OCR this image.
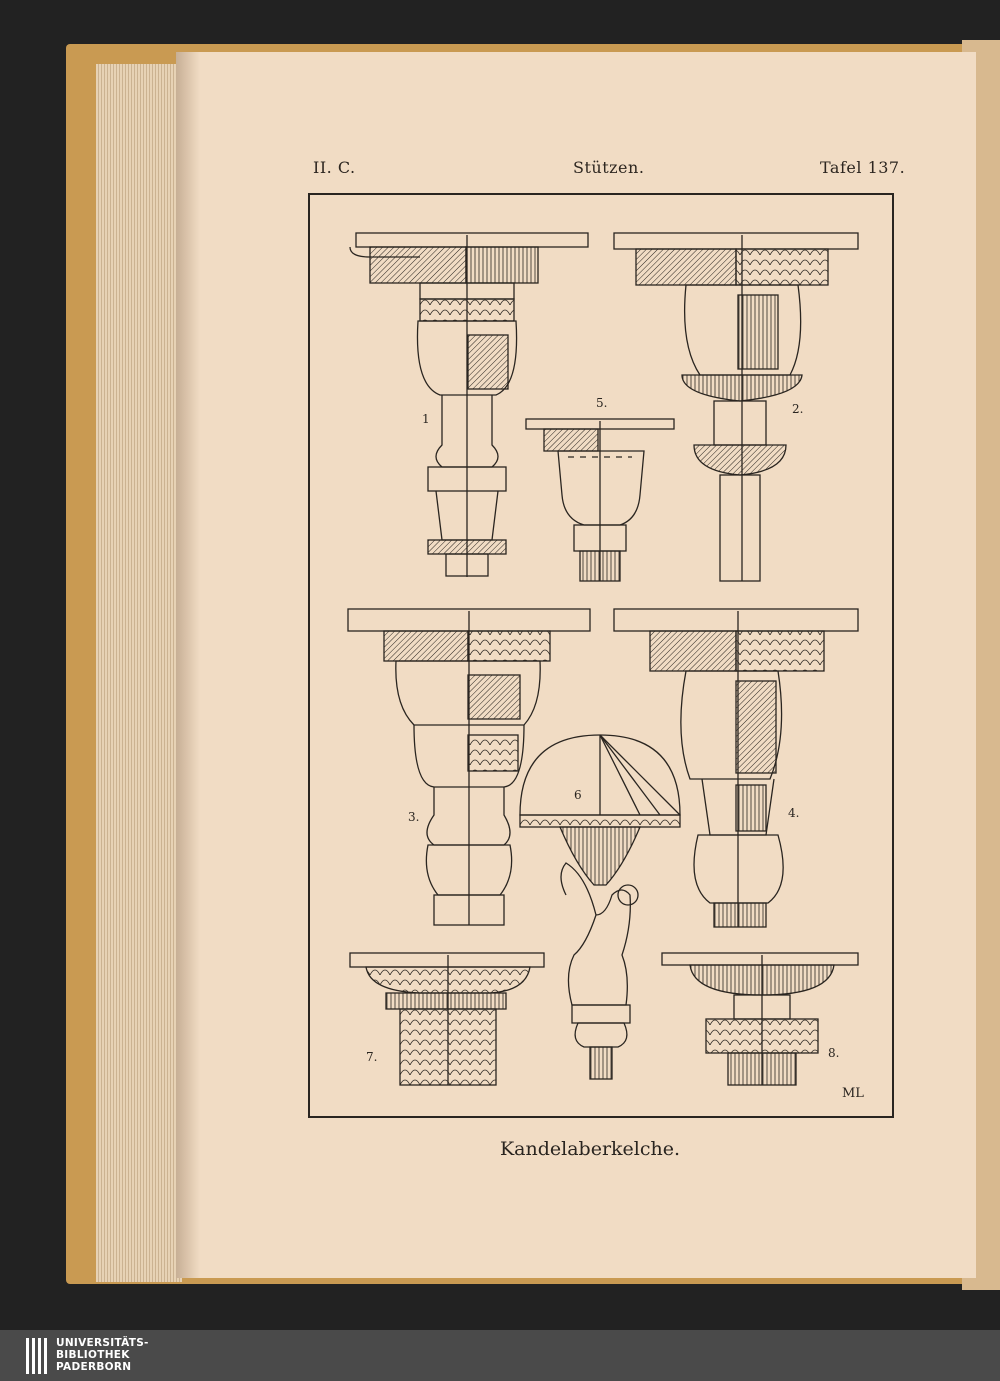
II. C.	Stützen.	Tafel 137.
1
2.
5.
3.	4.
6
7.	8.
ML
Kandelaberkelche.
UNIVERSITÄTS-
BIBLIOTHEK
PADERBORN
